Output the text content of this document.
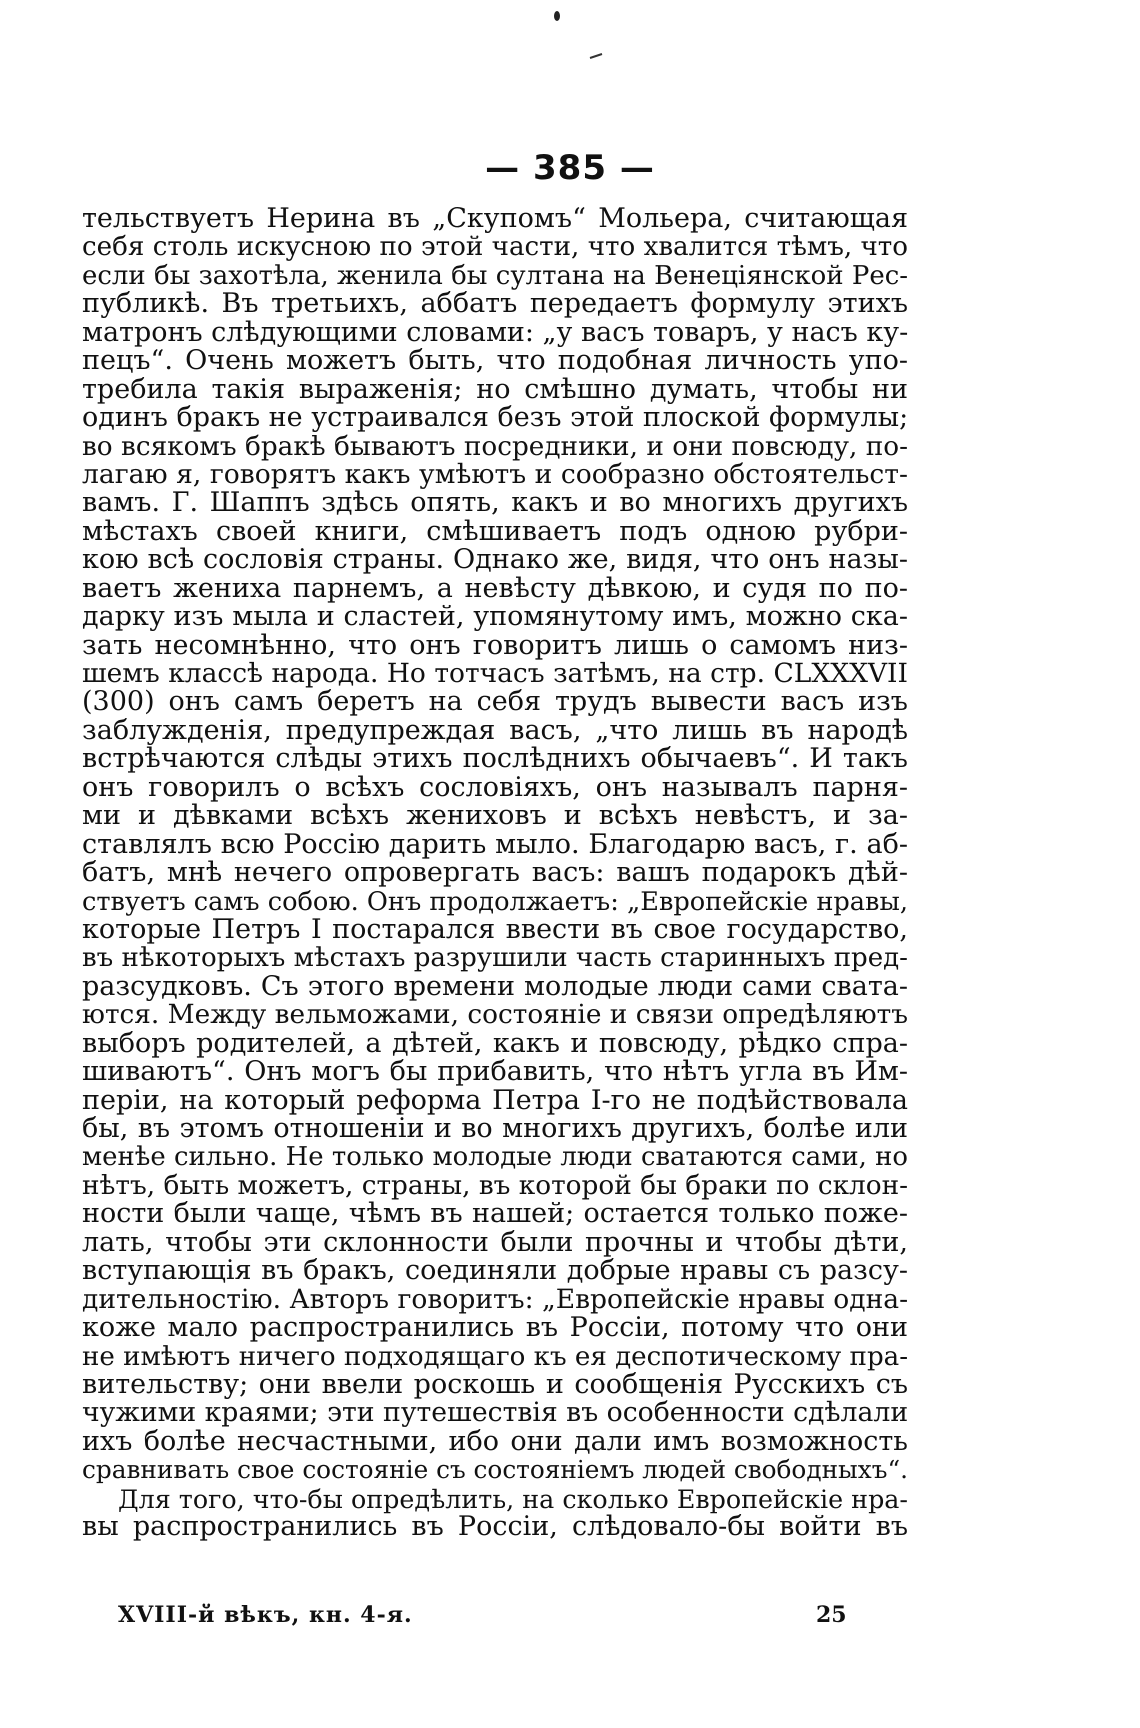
— 385 —
тельствуетъ Нерина въ „Скупомъ“ Мольера, считающая
себя столь искусною по этой части, что хвалится тѣмъ, что
если бы захотѣла, женила бы султана на Венеціянской Рес-
публикѣ. Въ третьихъ, аббатъ передаетъ формулу этихъ
матронъ слѣдующими словами: „у васъ товаръ, у насъ ку-
пецъ“. Очень можетъ быть, что подобная личность упо-
требила такія выраженія; но смѣшно думать, чтобы ни
одинъ бракъ не устраивался безъ этой плоской формулы;
во всякомъ бракѣ бываютъ посредники, и они повсюду, по-
лагаю я, говорятъ какъ умѣютъ и сообразно обстоятельст-
вамъ. Г. Шаппъ здѣсь опять, какъ и во многихъ другихъ
мѣстахъ своей книги, смѣшиваетъ подъ одною рубри-
кою всѣ сословія страны. Однако же, видя, что онъ назы-
ваетъ жениха парнемъ, а невѣсту дѣвкою, и судя по по-
дарку изъ мыла и сластей, упомянутому имъ, можно ска-
зать несомнѣнно, что онъ говоритъ лишь о самомъ низ-
шемъ классѣ народа. Но тотчасъ затѣмъ, на стр. CLXXXVII
(300) онъ самъ беретъ на себя трудъ вывести васъ изъ
заблужденія, предупреждая васъ, „что лишь въ народѣ
встрѣчаются слѣды этихъ послѣднихъ обычаевъ“. И такъ
онъ говорилъ о всѣхъ сословіяхъ, онъ называлъ парня-
ми и дѣвками всѣхъ жениховъ и всѣхъ невѣстъ, и за-
ставлялъ всю Россію дарить мыло. Благодарю васъ, г. аб-
батъ, мнѣ нечего опровергать васъ: вашъ подарокъ дѣй-
ствуетъ самъ собою. Онъ продолжаетъ: „Европейскіе нравы,
которые Петръ I постарался ввести въ свое государство,
въ нѣкоторыхъ мѣстахъ разрушили часть старинныхъ пред-
разсудковъ. Съ этого времени молодые люди сами свата-
ются. Между вельможами, состояніе и связи опредѣляютъ
выборъ родителей, а дѣтей, какъ и повсюду, рѣдко спра-
шиваютъ“. Онъ могъ бы прибавить, что нѣтъ угла въ Им-
періи, на который реформа Петра I-го не подѣйствовала
бы, въ этомъ отношеніи и во многихъ другихъ, болѣе или
менѣе сильно. Не только молодые люди сватаются сами, но
нѣтъ, быть можетъ, страны, въ которой бы браки по склон-
ности были чаще, чѣмъ въ нашей; остается только поже-
лать, чтобы эти склонности были прочны и чтобы дѣти,
вступающія въ бракъ, соединяли добрые нравы съ разсу-
дительностію. Авторъ говоритъ: „Европейскіе нравы одна-
коже мало распространились въ Россіи, потому что они
не имѣютъ ничего подходящаго къ ея деспотическому пра-
вительству; они ввели роскошь и сообщенія Русскихъ съ
чужими краями; эти путешествія въ особенности сдѣлали
ихъ болѣе несчастными, ибо они дали имъ возможность
сравнивать свое состояніе съ состояніемъ людей свободныхъ“.
Для того, что-бы опредѣлить, на сколько Европейскіе нра-
вы распространились въ Россіи, слѣдовало-бы войти въ
XVIII-й вѣкъ, кн. 4-я.	25
